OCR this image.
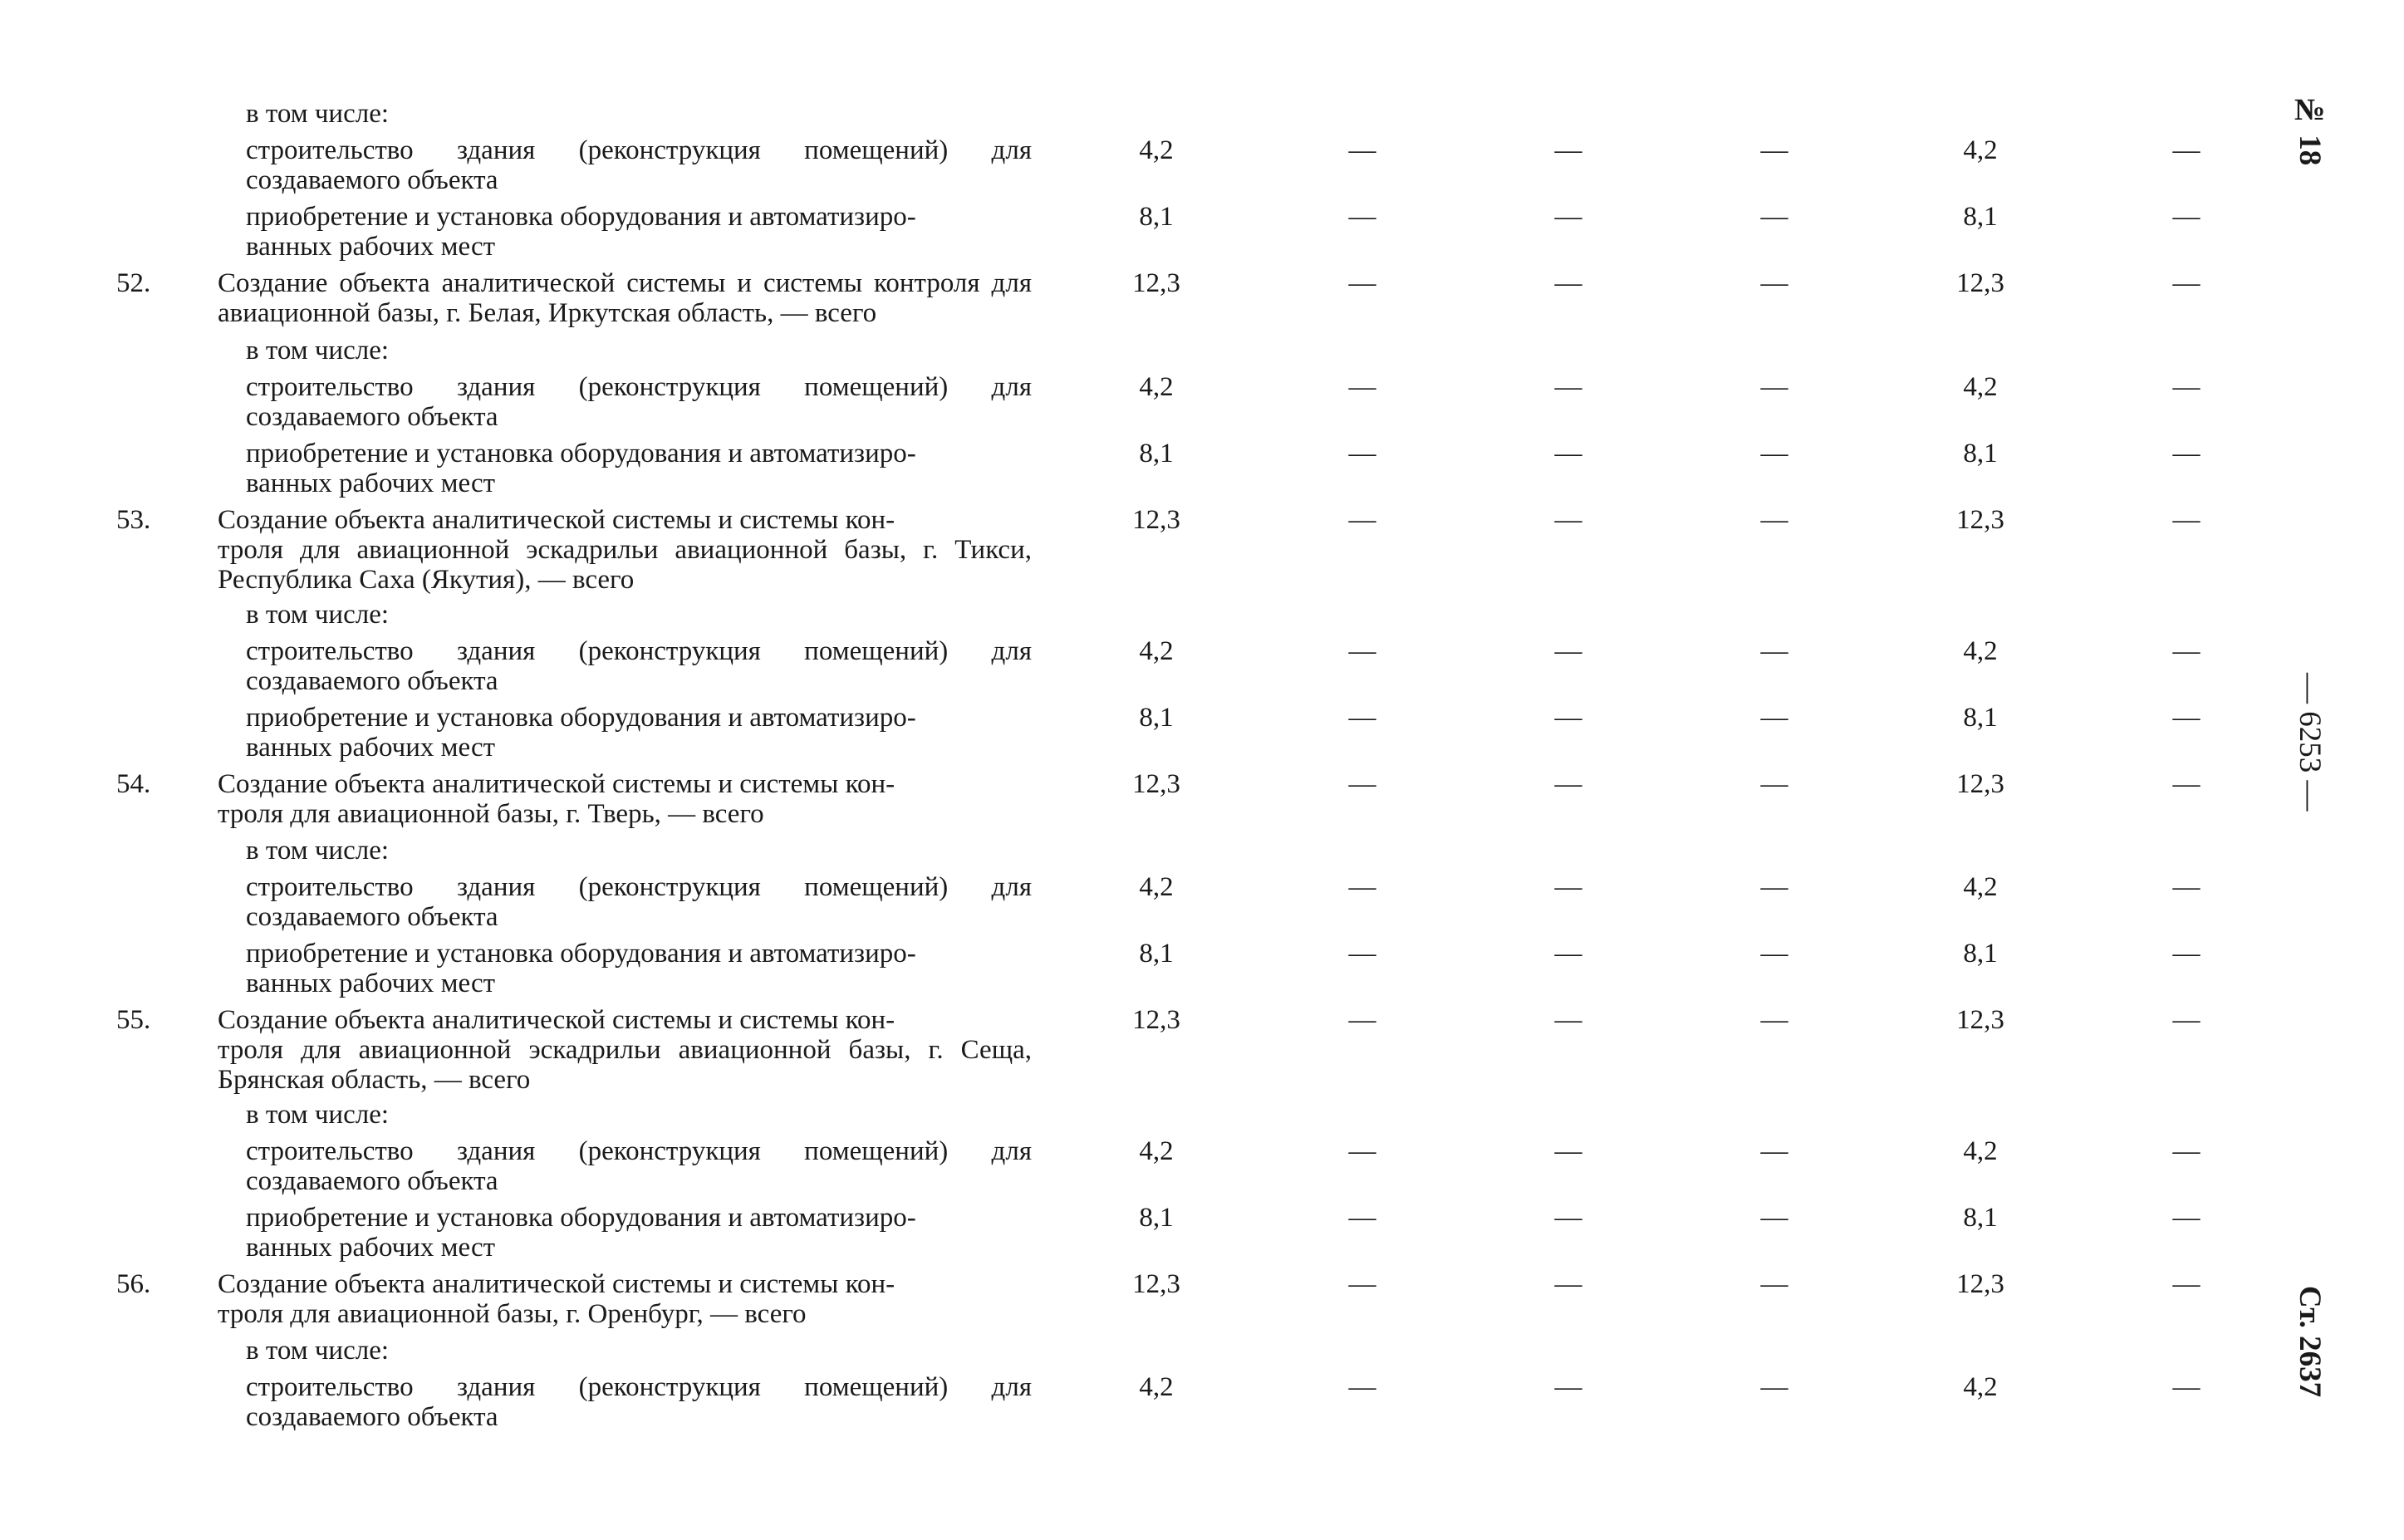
в том числе:
строительство здания (реконструкция помещений) для создаваемого объекта
4,2	—	—	—	4,2	—
приобретение и установка оборудования и автоматизиро-
ванных рабочих мест
8,1	—	—	—	8,1	—
52.	Создание объекта аналитической системы и системы контроля для авиационной базы, г. Белая, Иркутская область, — всего
12,3	—	—	—	12,3	—
в том числе:
строительство здания (реконструкция помещений) для создаваемого объекта
4,2	—	—	—	4,2	—
приобретение и установка оборудования и автоматизиро-
ванных рабочих мест
8,1	—	—	—	8,1	—
53.	Создание объекта аналитической системы и системы кон-
троля для авиационной эскадрильи авиационной базы, г. Тикси, Республика Саха (Якутия), — всего
12,3	—	—	—	12,3	—
в том числе:
строительство здания (реконструкция помещений) для создаваемого объекта
4,2	—	—	—	4,2	—
приобретение и установка оборудования и автоматизиро-
ванных рабочих мест
8,1	—	—	—	8,1	—
54.	Создание объекта аналитической системы и системы кон-
троля для авиационной базы, г. Тверь, — всего
12,3	—	—	—	12,3	—
в том числе:
строительство здания (реконструкция помещений) для создаваемого объекта
4,2	—	—	—	4,2	—
приобретение и установка оборудования и автоматизиро-
ванных рабочих мест
8,1	—	—	—	8,1	—
55.	Создание объекта аналитической системы и системы кон-
троля для авиационной эскадрильи авиационной базы, г. Сеща, Брянская область, — всего
12,3	—	—	—	12,3	—
в том числе:
строительство здания (реконструкция помещений) для создаваемого объекта
4,2	—	—	—	4,2	—
приобретение и установка оборудования и автоматизиро-
ванных рабочих мест
8,1	—	—	—	8,1	—
56.	Создание объекта аналитической системы и системы кон-
троля для авиационной базы, г. Оренбург, — всего
12,3	—	—	—	12,3	—
в том числе:
строительство здания (реконструкция помещений) для создаваемого объекта
4,2	—	—	—	4,2	—
№ 18
— 6253 —
Ст. 2637
